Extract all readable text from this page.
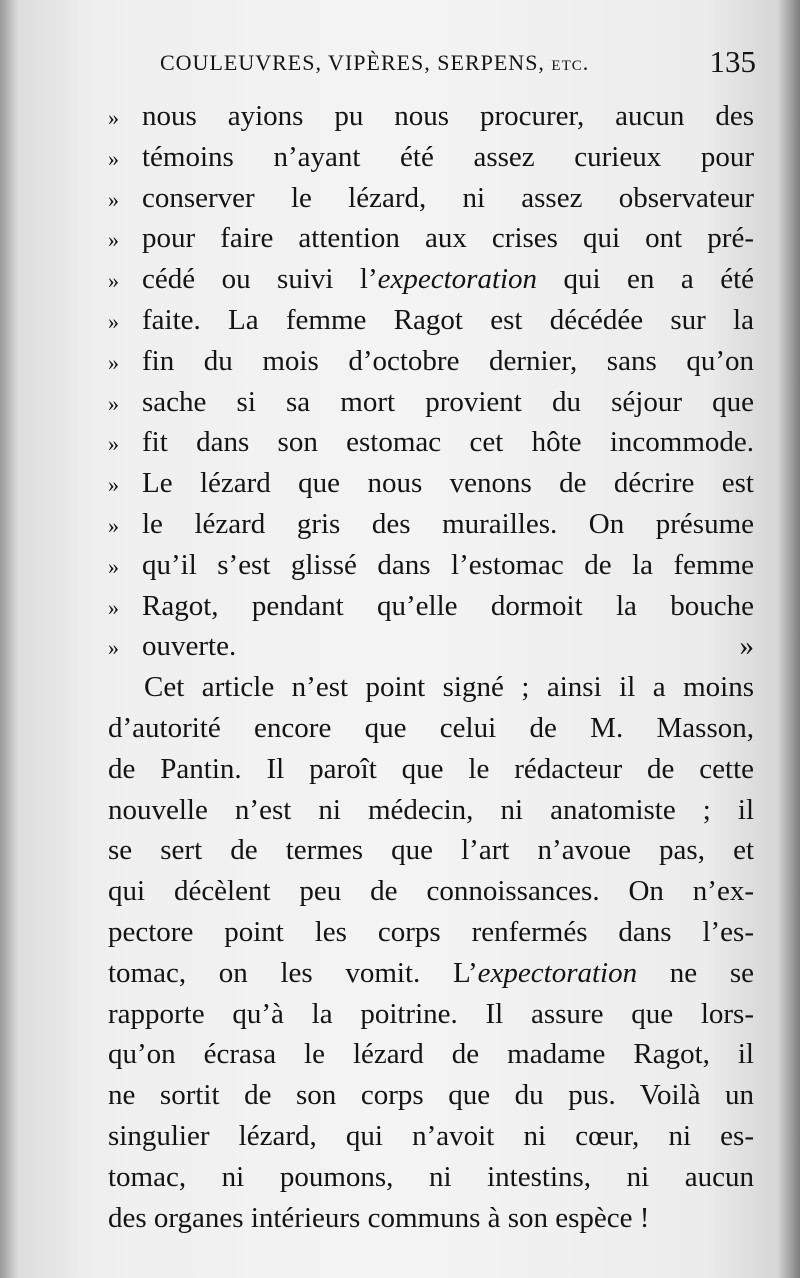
COULEUVRES, VIPÈRES, SERPENS, etc.	135
» nous ayions pu nous procurer, aucun des
» témoins n’ayant été assez curieux pour
» conserver le lézard, ni assez observateur
» pour faire attention aux crises qui ont pré-
» cédé ou suivi l’expectoration qui en a été
» faite. La femme Ragot est décédée sur la
» fin du mois d’octobre dernier, sans qu’on
» sache si sa mort provient du séjour que
» fit dans son estomac cet hôte incommode.
» Le lézard que nous venons de décrire est
» le lézard gris des murailles. On présume
» qu’il s’est glissé dans l’estomac de la femme
» Ragot, pendant qu’elle dormoit la bouche
» ouverte. »
Cet article n’est point signé ; ainsi il a moins
d’autorité encore que celui de M. Masson,
de Pantin. Il paroît que le rédacteur de cette
nouvelle n’est ni médecin, ni anatomiste ; il
se sert de termes que l’art n’avoue pas, et
qui décèlent peu de connoissances. On n’ex-
pectore point les corps renfermés dans l’es-
tomac, on les vomit. L’expectoration ne se
rapporte qu’à la poitrine. Il assure que lors-
qu’on écrasa le lézard de madame Ragot, il
ne sortit de son corps que du pus. Voilà un
singulier lézard, qui n’avoit ni cœur, ni es-
tomac, ni poumons, ni intestins, ni aucun
des organes intérieurs communs à son espèce !
